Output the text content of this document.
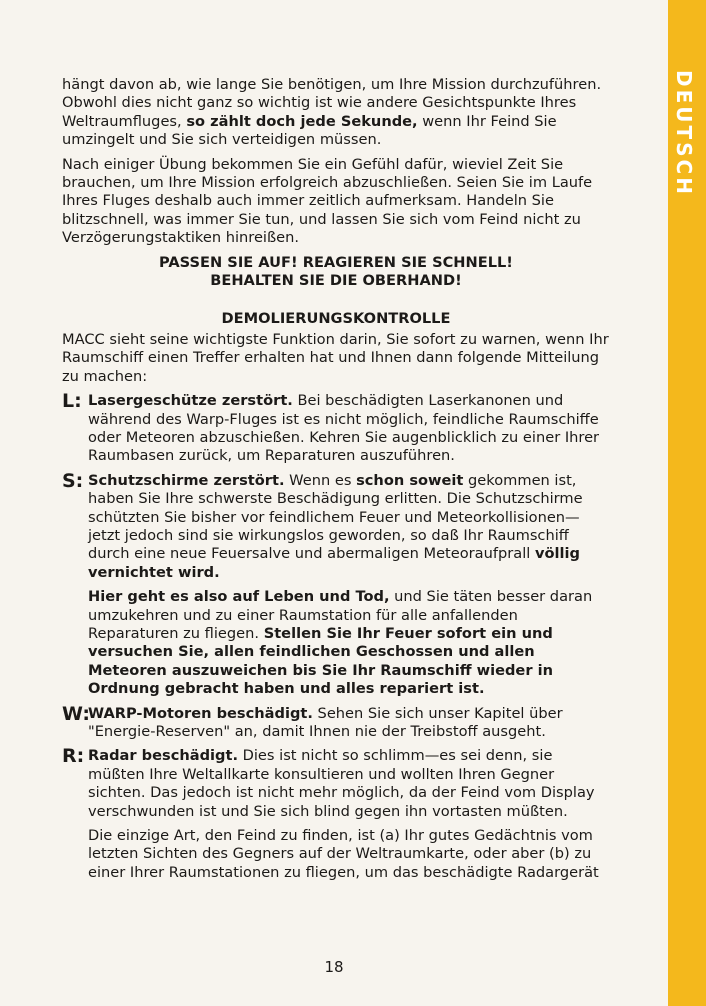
DEUTSCH

hängt davon ab, wie lange Sie benötigen, um Ihre Mission durchzuführen. Obwohl dies nicht ganz so wichtig ist wie andere Gesichtspunkte Ihres Weltraumfluges, so zählt doch jede Sekunde, wenn Ihr Feind Sie umzingelt und Sie sich verteidigen müssen.

Nach einiger Übung bekommen Sie ein Gefühl dafür, wieviel Zeit Sie brauchen, um Ihre Mission erfolgreich abzuschließen. Seien Sie im Laufe Ihres Fluges deshalb auch immer zeitlich aufmerksam. Handeln Sie blitzschnell, was immer Sie tun, und lassen Sie sich vom Feind nicht zu Verzögerungstaktiken hinreißen.

PASSEN SIE AUF! REAGIEREN SIE SCHNELL!
BEHALTEN SIE DIE OBERHAND!
DEMOLIERUNGSKONTROLLE

MACC sieht seine wichtigste Funktion darin, Sie sofort zu warnen, wenn Ihr Raumschiff einen Treffer erhalten hat und Ihnen dann folgende Mitteilung zu machen:

L: Lasergeschütze zerstört. Bei beschädigten Laserkanonen und während des Warp-Fluges ist es nicht möglich, feindliche Raumschiffe oder Meteoren abzuschießen. Kehren Sie augenblicklich zu einer Ihrer Raumbasen zurück, um Reparaturen auszuführen.
S: Schutzschirme zerstört. Wenn es schon soweit gekommen ist, haben Sie Ihre schwerste Beschädigung erlitten. Die Schutzschirme schützten Sie bisher vor feindlichem Feuer und Meteorkollisionen—jetzt jedoch sind sie wirkungslos geworden, so daß Ihr Raumschiff durch eine neue Feuersalve und abermaligen Meteoraufprall völlig vernichtet wird.
Hier geht es also auf Leben und Tod, und Sie täten besser daran umzukehren und zu einer Raumstation für alle anfallenden Reparaturen zu fliegen. Stellen Sie Ihr Feuer sofort ein und versuchen Sie, allen feindlichen Geschossen und allen Meteoren auszuweichen bis Sie Ihr Raumschiff wieder in Ordnung gebracht haben und alles repariert ist.
W:
WARP-Motoren beschädigt. Sehen Sie sich unser Kapitel über "Energie-Reserven" an, damit Ihnen nie der Treibstoff ausgeht.
R: Radar beschädigt. Dies ist nicht so schlimm—es sei denn, sie müßten Ihre Weltallkarte konsultieren und wollten Ihren Gegner sichten. Das jedoch ist nicht mehr möglich, da der Feind vom Display verschwunden ist und Sie sich blind gegen ihn vortasten müßten.
Die einzige Art, den Feind zu finden, ist (a) Ihr gutes Gedächtnis vom letzten Sichten des Gegners auf der Weltraumkarte, oder aber (b) zu einer Ihrer Raumstationen zu fliegen, um das beschädigte Radargerät
18
